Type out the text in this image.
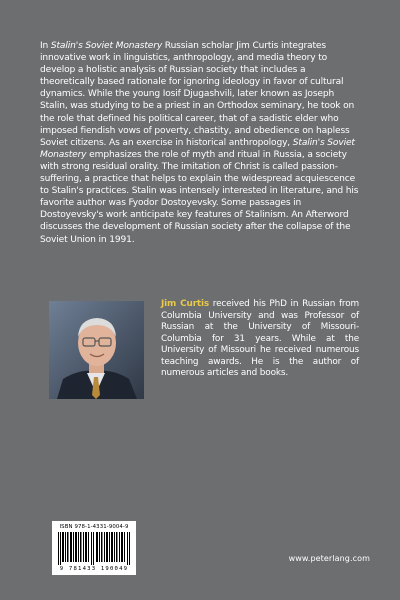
In Stalin's Soviet Monastery Russian scholar Jim Curtis integrates innovative work in linguistics, anthropology, and media theory to develop a holistic analysis of Russian society that includes a theoretically based rationale for ignoring ideology in favor of cultural dynamics. While the young Iosif Djugashvili, later known as Joseph Stalin, was studying to be a priest in an Orthodox seminary, he took on the role that defined his political career, that of a sadistic elder who imposed fiendish vows of poverty, chastity, and obedience on hapless Soviet citizens. As an exercise in historical anthropology, Stalin's Soviet Monastery emphasizes the role of myth and ritual in Russia, a society with strong residual orality. The imitation of Christ is called passion-suffering, a practice that helps to explain the widespread acquiescence to Stalin's practices. Stalin was intensely interested in literature, and his favorite author was Fyodor Dostoyevsky. Some passages in Dostoyevsky's work anticipate key features of Stalinism. An Afterword discusses the development of Russian society after the collapse of the Soviet Union in 1991.

Jim Curtis received his PhD in Russian from Columbia University and was Professor of Russian at the University of Missouri-Columbia for 31 years. While at the University of Missouri he received numerous teaching awards. He is the author of numerous articles and books.

ISBN 978-1-4331-9004-9
9 781433 190049
www.peterlang.com
